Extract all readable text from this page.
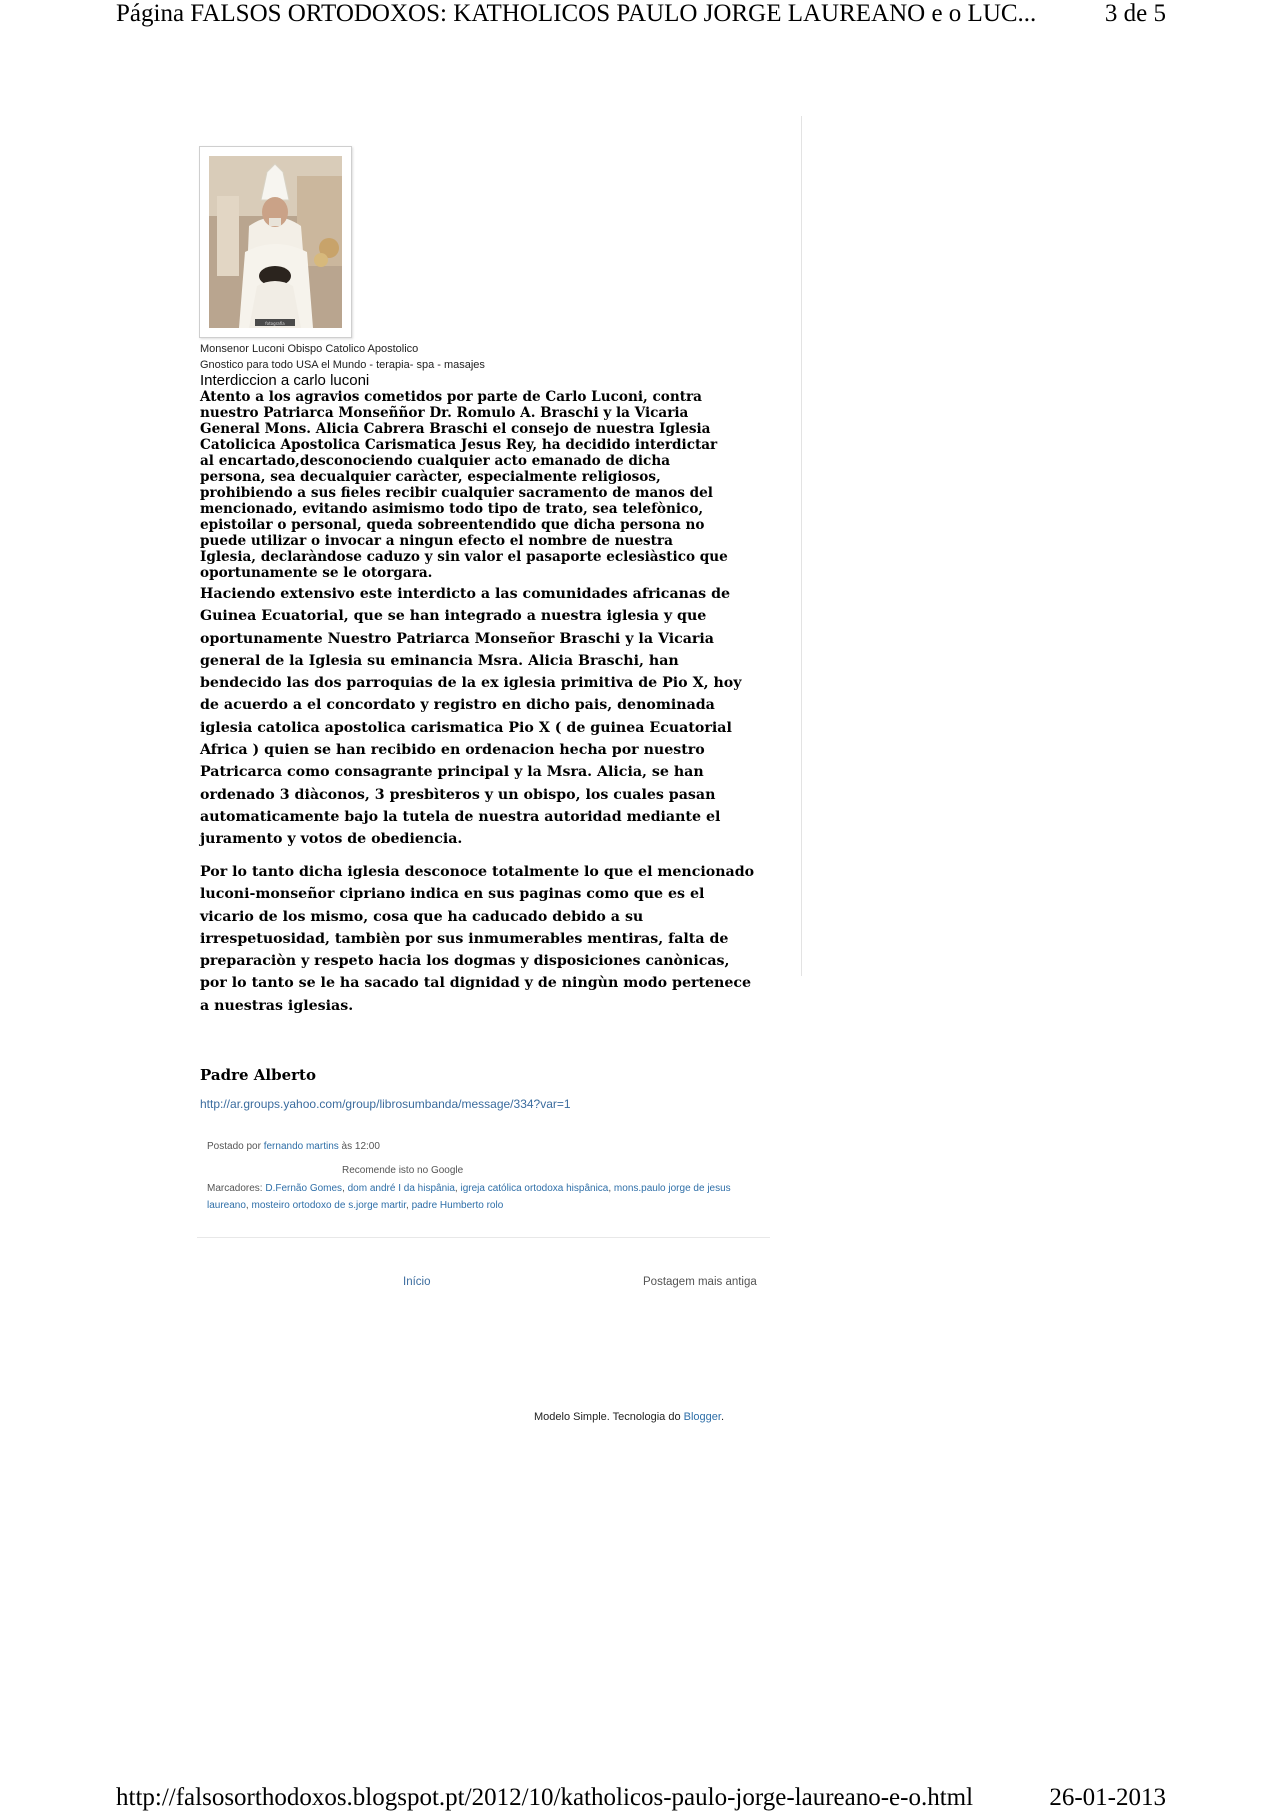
Página FALSOS ORTODOXOS: KATHOLICOS PAULO JORGE LAUREANO e o LUC...	3 de 5
fotografia
Monsenor Luconi Obispo Catolico Apostolico
Gnostico para todo USA el Mundo - terapia- spa - masajes
Interdiccion a carlo luconi
Atento a los agravios cometidos por parte de Carlo Luconi, contra
nuestro Patriarca Monseññor Dr. Romulo A. Braschi y la Vicaria
General Mons. Alicia Cabrera Braschi el consejo de nuestra Iglesia
Catolicica Apostolica Carismatica Jesus Rey, ha decidido interdictar
al encartado,desconociendo cualquier acto emanado de dicha
persona, sea decualquier caràcter, especialmente religiosos,
prohibiendo a sus fieles recibir cualquier sacramento de manos del
mencionado, evitando asimismo todo tipo de trato, sea telefònico,
epistoilar o personal, queda sobreentendido que dicha persona no
puede utilizar o invocar a ningun efecto el nombre de nuestra
Iglesia, declaràndose caduzo y sin valor el pasaporte eclesiàstico que
oportunamente se le otorgara.
Haciendo extensivo este interdicto a las comunidades africanas de
Guinea Ecuatorial, que se han integrado a nuestra iglesia y que
oportunamente Nuestro Patriarca Monseñor Braschi y la Vicaria
general de la Iglesia su eminancia Msra. Alicia Braschi, han
bendecido las dos parroquias de la ex iglesia primitiva de Pio X, hoy
de acuerdo a el concordato y registro en dicho pais, denominada
iglesia catolica apostolica carismatica Pio X ( de guinea Ecuatorial
Africa ) quien se han recibido en ordenacion hecha por nuestro
Patricarca como consagrante principal y la Msra. Alicia, se han
ordenado 3 diàconos, 3 presbìteros y un obispo, los cuales pasan
automaticamente bajo la tutela de nuestra autoridad mediante el
juramento y votos de obediencia.
Por lo tanto dicha iglesia desconoce totalmente lo que el mencionado
luconi-monseñor cipriano indica en sus paginas como que es el
vicario de los mismo, cosa que ha caducado debido a su
irrespetuosidad, tambièn por sus inmumerables mentiras, falta de
preparaciòn y respeto hacia los dogmas y disposiciones canònicas,
por lo tanto se le ha sacado tal dignidad y de ningùn modo pertenece
a nuestras iglesias.
Padre Alberto
http://ar.groups.yahoo.com/group/librosumbanda/message/334?var=1
Postado por fernando martins às 12:00
Recomende isto no Google
Marcadores: D.Fernão Gomes, dom andré I da hispânia, igreja católica ortodoxa hispânica, mons.paulo jorge de jesus laureano, mosteiro ortodoxo de s.jorge martir, padre Humberto rolo
Início	Postagem mais antiga
Modelo Simple. Tecnologia do Blogger.
http://falsosorthodoxos.blogspot.pt/2012/10/katholicos-paulo-jorge-laureano-e-o.html	26-01-2013
